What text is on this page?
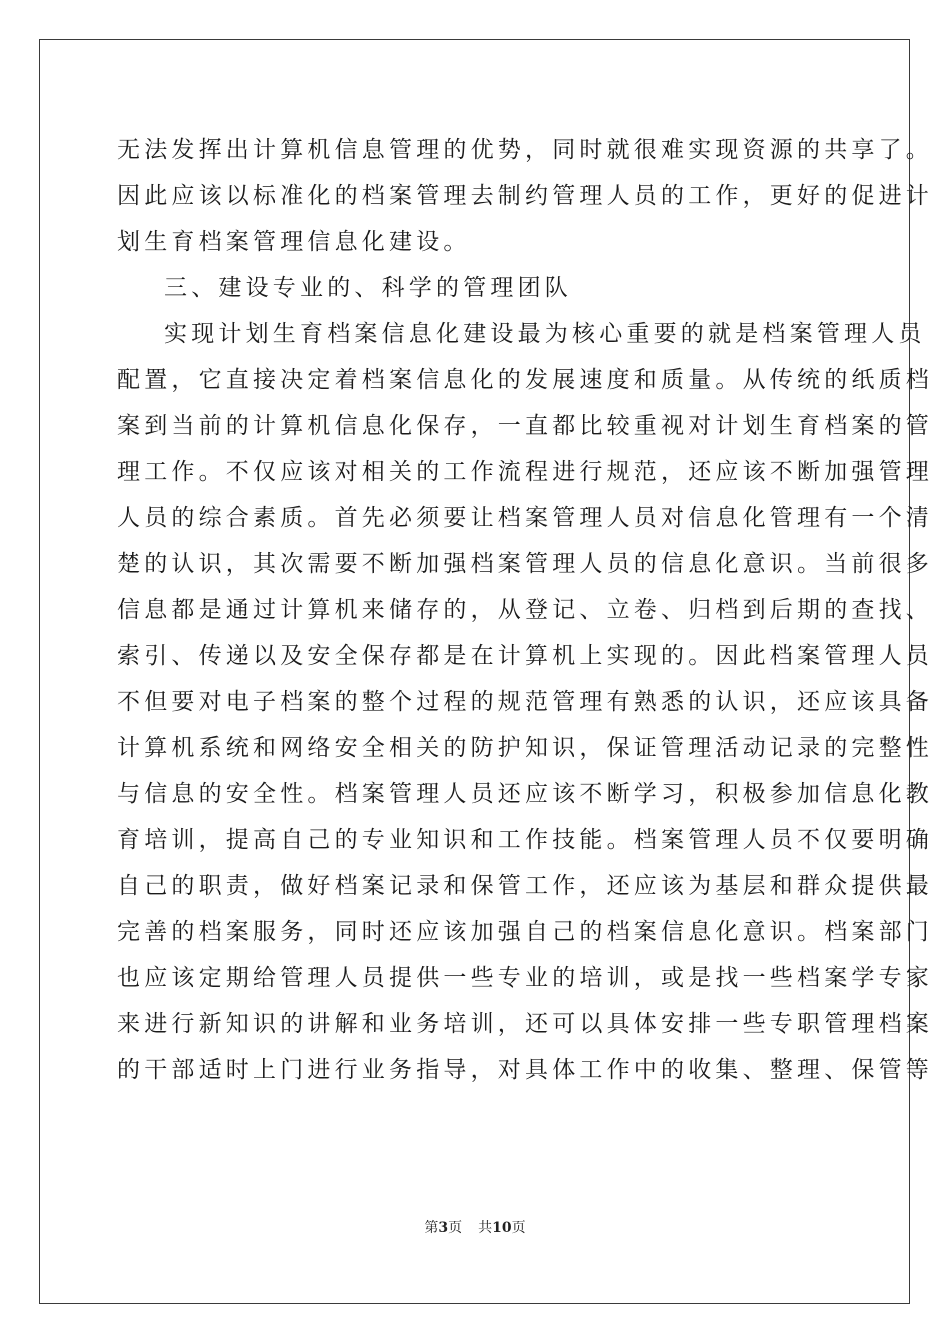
无法发挥出计算机信息管理的优势，同时就很难实现资源的共享了。
因此应该以标准化的档案管理去制约管理人员的工作，更好的促进计
划生育档案管理信息化建设。
三、建设专业的、科学的管理团队
实现计划生育档案信息化建设最为核心重要的就是档案管理人员
配置，它直接决定着档案信息化的发展速度和质量。从传统的纸质档
案到当前的计算机信息化保存，一直都比较重视对计划生育档案的管
理工作。不仅应该对相关的工作流程进行规范，还应该不断加强管理
人员的综合素质。首先必须要让档案管理人员对信息化管理有一个清
楚的认识，其次需要不断加强档案管理人员的信息化意识。当前很多
信息都是通过计算机来储存的，从登记、立卷、归档到后期的查找、
索引、传递以及安全保存都是在计算机上实现的。因此档案管理人员
不但要对电子档案的整个过程的规范管理有熟悉的认识，还应该具备
计算机系统和网络安全相关的防护知识，保证管理活动记录的完整性
与信息的安全性。档案管理人员还应该不断学习，积极参加信息化教
育培训，提高自己的专业知识和工作技能。档案管理人员不仅要明确
自己的职责，做好档案记录和保管工作，还应该为基层和群众提供最
完善的档案服务，同时还应该加强自己的档案信息化意识。档案部门
也应该定期给管理人员提供一些专业的培训，或是找一些档案学专家
来进行新知识的讲解和业务培训，还可以具体安排一些专职管理档案
的干部适时上门进行业务指导，对具体工作中的收集、整理、保管等
第3页 共10页
